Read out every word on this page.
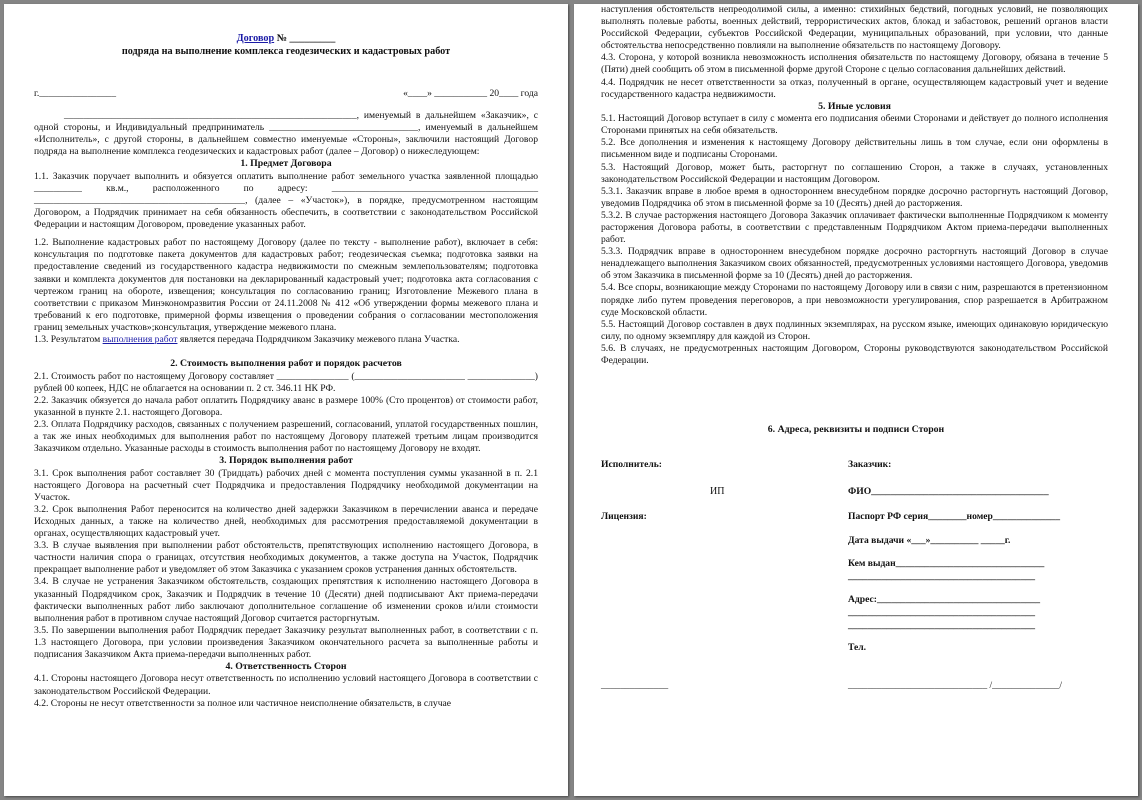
Договор № _________

подряда на выполнение комплекса геодезических и кадастровых работ

г.________________	«____» ___________ 20____ года

_____________________________________________________________, именуемый в дальнейшем «Заказчик», с одной стороны, и Индивидуальный предприниматель _______________________________, именуемый в дальнейшем «Исполнитель», с другой стороны, в дальнейшем совместно именуемые «Стороны», заключили настоящий Договор подряда на выполнение комплекса геодезических и кадастровых работ (далее – Договор) о нижеследующем:

1. Предмет Договора

1.1. Заказчик поручает выполнить и обязуется оплатить выполнение работ земельного участка заявленной площадью __________ кв.м., расположенного по адресу: ___________________________________________ ____________________________________________, (далее – «Участок»), в порядке, предусмотренном настоящим Договором, а Подрядчик принимает на себя обязанность обеспечить, в соответствии с законодательством Российской Федерации и настоящим Договором, проведение указанных работ.

1.2. Выполнение кадастровых работ по настоящему Договору (далее по тексту - выполнение работ), включает в себя: консультация по подготовке пакета документов для кадастровых работ; геодезическая съемка; подготовка заявки на предоставление сведений из государственного кадастра недвижимости по смежным землепользователям; подготовка заявки и комплекта документов для постановки на декларированный кадастровый учет; подготовка акта согласования с чертежом границ на обороте, извещения; консультация по согласованию границ; Изготовление Межевого плана в соответствии с приказом Минэкономразвития России от 24.11.2008 № 412 «Об утверждении формы межевого плана и требований к его подготовке, примерной формы извещения о проведении собрания о согласовании местоположения границ земельных участков»;консультация, утверждение межевого плана.

1.3. Результатом выполнения работ является передача Подрядчиком Заказчику межевого плана Участка.

2. Стоимость выполнения работ и порядок расчетов

2.1. Стоимость работ по настоящему Договору составляет _______________ (_______________________ ______________) рублей 00 копеек, НДС не облагается на основании п. 2 ст. 346.11 НК РФ.

2.2. Заказчик обязуется до начала работ оплатить Подрядчику аванс в размере 100% (Сто процентов) от стоимости работ, указанной в пункте 2.1. настоящего Договора.

2.3. Оплата Подрядчику расходов, связанных с получением разрешений, согласований, уплатой государственных пошлин, а так же иных необходимых для выполнения работ по настоящему Договору платежей третьим лицам производится Заказчиком отдельно. Указанные расходы в стоимость выполнения работ по настоящему Договору не входят.

3. Порядок выполнения работ

3.1. Срок выполнения работ составляет 30 (Тридцать) рабочих дней с момента поступления суммы указанной в п. 2.1 настоящего Договора на расчетный счет Подрядчика и предоставления Подрядчику необходимой документации на Участок.

3.2. Срок выполнения Работ переносится на количество дней задержки Заказчиком в перечислении аванса и передаче Исходных данных, а также на количество дней, необходимых для рассмотрения предоставляемой документации в органах, осуществляющих кадастровый учет.

3.3. В случае выявления при выполнении работ обстоятельств, препятствующих исполнению настоящего Договора, в частности наличия спора о границах, отсутствия необходимых документов, а также доступа на Участок, Подрядчик прекращает выполнение работ и уведомляет об этом Заказчика с указанием сроков устранения данных обстоятельств.

3.4. В случае не устранения Заказчиком обстоятельств, создающих препятствия к исполнению настоящего Договора в указанный Подрядчиком срок, Заказчик и Подрядчик в течение 10 (Десяти) дней подписывают Акт приема-передачи фактически выполненных работ либо заключают дополнительное соглашение об изменении сроков и/или стоимости выполнения работ в противном случае настоящий Договор считается расторгнутым.

3.5. По завершении выполнения работ Подрядчик передает Заказчику результат выполненных работ, в соответствии с п. 1.3 настоящего Договора, при условии произведения Заказчиком окончательного расчета за выполненные работы и подписания Заказчиком Акта приема-передачи выполненных работ.

4. Ответственность Сторон

4.1. Стороны настоящего Договора несут ответственность по исполнению условий настоящего Договора в соответствии с законодательством Российской Федерации.

4.2. Стороны не несут ответственности за полное или частичное неисполнение обязательств, в случае

наступления обстоятельств непреодолимой силы, а именно: стихийных бедствий, погодных условий, не позволяющих выполнять полевые работы, военных действий, террористических актов, блокад и забастовок, решений органов власти Российской Федерации, субъектов Российской Федерации, муниципальных образований, при условии, что данные обстоятельства непосредственно повлияли на выполнение обязательств по настоящему Договору.

4.3. Сторона, у которой возникла невозможность исполнения обязательств по настоящему Договору, обязана в течение 5 (Пяти) дней сообщить об этом в письменной форме другой Стороне с целью согласования дальнейших действий.

4.4. Подрядчик не несет ответственности за отказ, полученный в органе, осуществляющем кадастровый учет и ведение государственного кадастра недвижимости.

5. Иные условия

5.1. Настоящий Договор вступает в силу с момента его подписания обеими Сторонами и действует до полного исполнения Сторонами принятых на себя обязательств.

5.2. Все дополнения и изменения к настоящему Договору действительны лишь в том случае, если они оформлены в письменном виде и подписаны Сторонами.

5.3. Настоящий Договор, может быть, расторгнут по соглашению Сторон, а также в случаях, установленных законодательством Российской Федерации и настоящим Договором.

5.3.1. Заказчик вправе в любое время в одностороннем внесудебном порядке досрочно расторгнуть настоящий Договор, уведомив Подрядчика об этом в письменной форме за 10 (Десять) дней до расторжения.

5.3.2. В случае расторжения настоящего Договора Заказчик оплачивает фактически выполненные Подрядчиком к моменту расторжения Договора работы, в соответствии с представленным Подрядчиком Актом приема-передачи выполненных работ.

5.3.3. Подрядчик вправе в одностороннем внесудебном порядке досрочно расторгнуть настоящий Договор в случае ненадлежащего выполнения Заказчиком своих обязанностей, предусмотренных условиями настоящего Договора, уведомив об этом Заказчика в письменной форме за 10 (Десять) дней до расторжения.

5.4. Все споры, возникающие между Сторонами по настоящему Договору или в связи с ним, разрешаются в претензионном порядке либо путем проведения переговоров, а при невозможности урегулирования, спор разрешается в Арбитражном суде Московской области.

5.5. Настоящий Договор составлен в двух подлинных экземплярах, на русском языке, имеющих одинаковую юридическую силу, по одному экземпляру для каждой из Сторон.

5.6. В случаях, не предусмотренных настоящим Договором, Стороны руководствуются законодательством Российской Федерации.

6. Адреса, реквизиты и подписи Сторон

Исполнитель:	Заказчик:
ИП	ФИО_____________________________________
Лицензия:	Паспорт РФ серия________номер______________
Дата выдачи «___»__________ _____г.
Кем выдан_______________________________
_______________________________________
Адрес:__________________________________
_______________________________________
_______________________________________
Тел.
______________	_____________________________ /______________/
